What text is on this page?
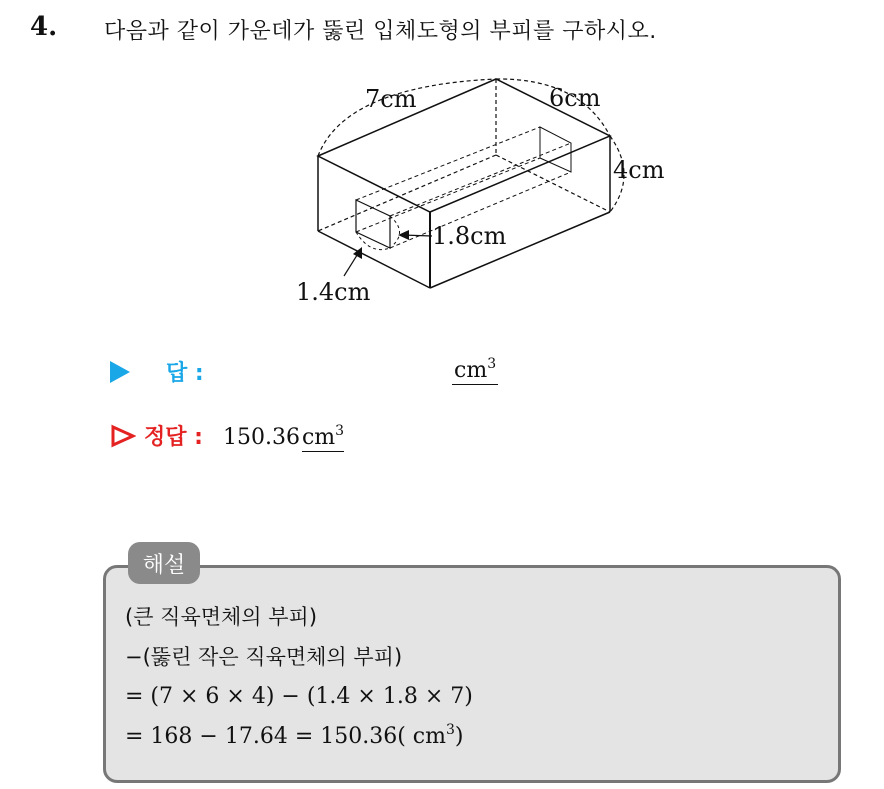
4. 다음과 같이 가운데가 뚫린 입체도형의 부피를 구하시오.
7cm	6cm
4cm
1.8cm
1.4cm
답 :	$cm^3$
정답 : 150.36 $cm^3$
해설
(큰 직육면체의 부피)
−(뚫린 작은 직육면체의 부피)
= (7 × 6 × 4) − (1.4 × 1.8 × 7)
= 168 − 17.64 = 150.36( $cm^3$)
